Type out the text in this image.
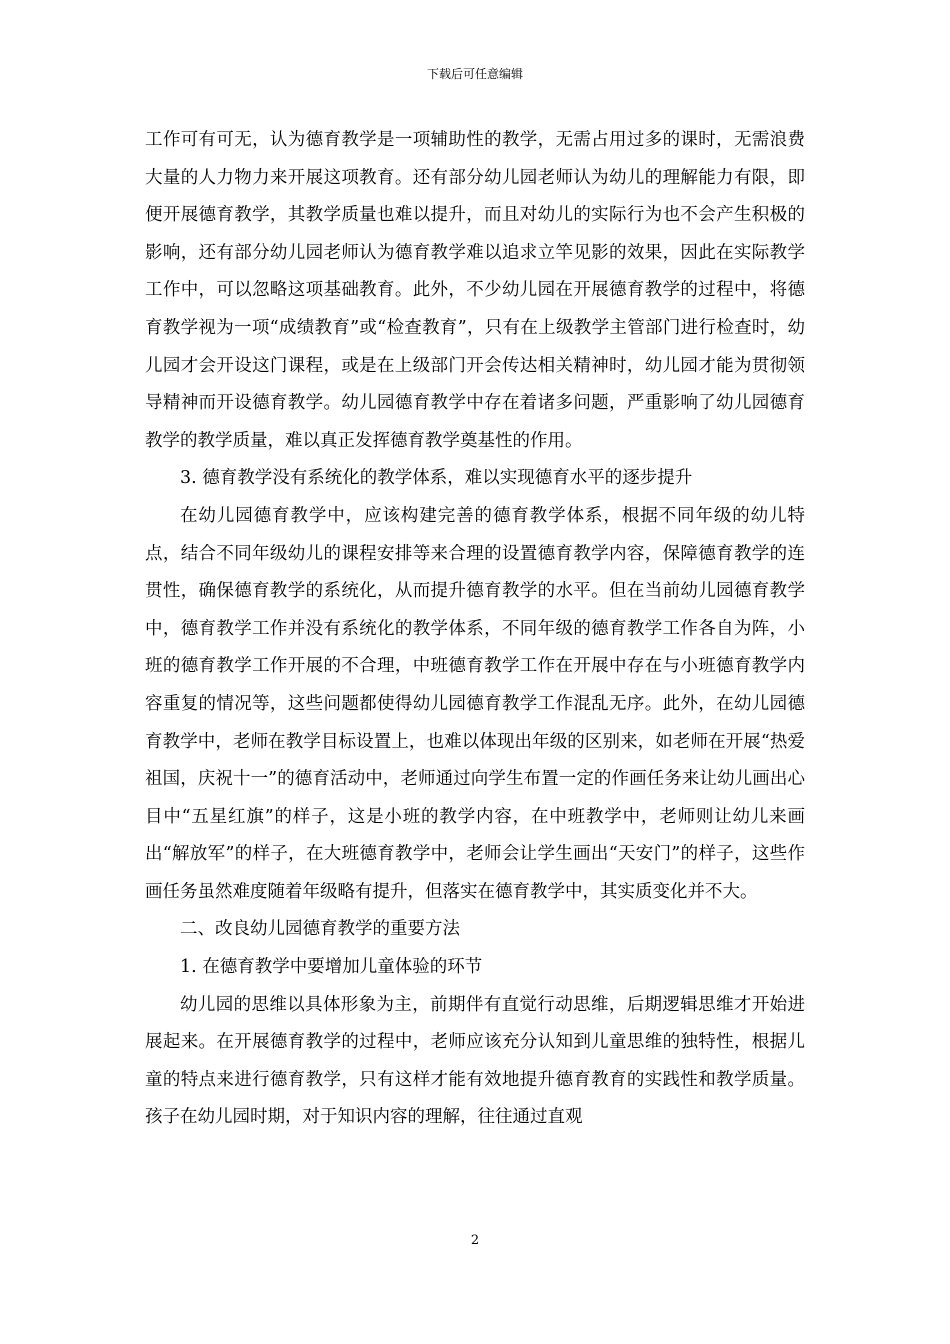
下载后可任意编辑

工作可有可无，认为德育教学是一项辅助性的教学，无需占用过多的课时，无需浪费大量的人力物力来开展这项教育。还有部分幼儿园老师认为幼儿的理解能力有限，即便开展德育教学，其教学质量也难以提升，而且对幼儿的实际行为也不会产生积极的影响，还有部分幼儿园老师认为德育教学难以追求立竿见影的效果，因此在实际教学工作中，可以忽略这项基础教育。此外，不少幼儿园在开展德育教学的过程中，将德育教学视为一项“成绩教育”或“检查教育”，只有在上级教学主管部门进行检查时，幼儿园才会开设这门课程，或是在上级部门开会传达相关精神时，幼儿园才能为贯彻领导精神而开设德育教学。幼儿园德育教学中存在着诸多问题，严重影响了幼儿园德育教学的教学质量，难以真正发挥德育教学奠基性的作用。

3. 德育教学没有系统化的教学体系，难以实现德育水平的逐步提升

在幼儿园德育教学中，应该构建完善的德育教学体系，根据不同年级的幼儿特点，结合不同年级幼儿的课程安排等来合理的设置德育教学内容，保障德育教学的连贯性，确保德育教学的系统化，从而提升德育教学的水平。但在当前幼儿园德育教学中，德育教学工作并没有系统化的教学体系，不同年级的德育教学工作各自为阵，小班的德育教学工作开展的不合理，中班德育教学工作在开展中存在与小班德育教学内容重复的情况等，这些问题都使得幼儿园德育教学工作混乱无序。此外，在幼儿园德育教学中，老师在教学目标设置上，也难以体现出年级的区别来，如老师在开展“热爱祖国，庆祝十一”的德育活动中，老师通过向学生布置一定的作画任务来让幼儿画出心目中“五星红旗”的样子，这是小班的教学内容，在中班教学中，老师则让幼儿来画出“解放军”的样子，在大班德育教学中，老师会让学生画出“天安门”的样子，这些作画任务虽然难度随着年级略有提升，但落实在德育教学中，其实质变化并不大。

二、改良幼儿园德育教学的重要方法

1. 在德育教学中要增加儿童体验的环节

幼儿园的思维以具体形象为主，前期伴有直觉行动思维，后期逻辑思维才开始进展起来。在开展德育教学的过程中，老师应该充分认知到儿童思维的独特性，根据儿童的特点来进行德育教学，只有这样才能有效地提升德育教育的实践性和教学质量。孩子在幼儿园时期，对于知识内容的理解，往往通过直观

2
